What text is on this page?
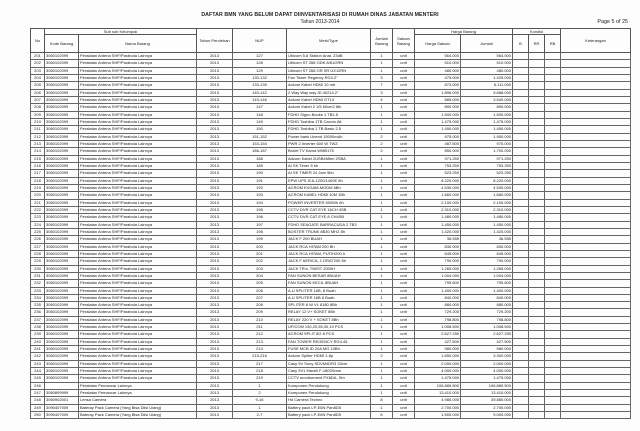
DAFTAR BMN YANG BELUM DAPAT DIINVENTARISASI DI RUMAH DINAS JABATAN MENTERI
Tahun 2013-2014	Page 5 of 25
No	Sub sub Kelompok		Tahun Perolehan	NUP	Merk/Type	Jumlah Barang	Satuan Barang	Harga Barang		Kondisi			Keterangan
	Kode Barang	Nama Barang						Harga Satuan	Jumlah	B	RR	RB	

201	3060102099	Peralatan Antena SHF/Parabola Lainnya	2013	127	Ubicom 5.8 Station Anat. 23dB	1	unit	564.000	564.000				
202	3060102099	Peralatan Antena SHF/Parabola Lainnya	2013	128	Ubicom ST 268 ODK 8/81/2RN	1	unit	510.000	510.000				
203	3060102099	Peralatan Antena SHF/Parabola Lainnya	2013	129	Ubicom ST 268 OR SR UX12RN	1	unit	480.000	480.000				
204	3060102099	Peralatan Antena SHF/Parabola Lainnya	2013	130-132	Fan Tower Regency RG4.2"	3	unit	475.000	1.425.000				
205	3060102099	Peralatan Antena SHF/Parabola Lainnya	2013	133-139	Ackom Kabel HDMI 10 mtr	7	unit	873.000	6.111.000				
206	3060102099	Peralatan Antena SHF/Parabola Lainnya	2013	140-142	2 Way Way way ID 40214.2"	3	unit	1.896.000	5.688.000				
207	3060102099	Peralatan Antena SHF/Parabola Lainnya	2013	143-146	Ackom Kabel HDMI GT14	4	unit	885.000	3.540.000				
208	3060102099	Peralatan Antena SHF/Parabola Lainnya	2013	147	Ackom Kabel 2 1/5 60cm2 8th	1	unit	890.000	890.000				
209	3060102099	Peralatan Antena SHF/Parabola Lainnya	2013	148	FDHD Signo Booke 1 TB1.5	1	unit	1.500.000	1.500.000				
210	3060102099	Peralatan Antena SHF/Parabola Lainnya	2013	149	FDHD Toshiba 1TB Canvio Alt	1	unit	1.475.000	1.475.000				
211	3060102099	Peralatan Antena SHF/Parabola Lainnya	2013	150	FDHD Toshiba 1 TB Basic 2.5	1	unit	1.450.000	1.450.000				
212	3060102099	Peralatan Antena SHF/Parabola Lainnya	2013	151-152	Power bank Unend 15000mAh	2	unit	975.000	1.950.000				
213	3060102099	Peralatan Antena SHF/Parabola Lainnya	2013	153-154	PWR 2 Inverter 600 W TWZ	2	unit	487.500	975.000				
214	3060102099	Peralatan Antena SHF/Parabola Lainnya	2013	186-187	Brolet TV Kama WMB175	2	unit	850.000	1.700.000				
215	3060102099	Peralatan Antena SHF/Parabola Lainnya	2013	188	Adcom Kabel 2USB4Mbm 2SBA	1	unit	971.250	971.250				
216	3060102099	Peralatan Antena SHF/Parabola Lainnya	2013	189	AI SK Timer 5 bh	1	unit	753.250	753.250				
217	3060102099	Peralatan Antena SHF/Parabola Lainnya	2013	190	AI SK TIMER 24 Jam 5bh	1	unit	523.250	523.250				
218	3060102099	Peralatan Antena SHF/Parabola Lainnya	2013	191	EPW UPS ICA-1200/1400E 8h	1	unit	8.220.000	8.220.000				
219	3060102099	Peralatan Antena SHF/Parabola Lainnya	2013	192	ACROM KVGAM-MODM 6Bh	1	unit	4.530.000	4.530.000				
220	3060102099	Peralatan Antena SHF/Parabola Lainnya	2013	193	ACROM KABEL HDMI 10M 1Bh	1	unit	1.660.000	1.660.000				
221	3060102099	Peralatan Antena SHF/Parabola Lainnya	2013	194	POWER INVERTER 500Wh 8h	1	unit	2.100.000	2.100.000				
222	3060102099	Peralatan Antena SHF/Parabola Lainnya	2013	195	CCTV DVR CAT EYE 16CH 4SB	1	unit	2.310.000	2.310.000				
223	3060102099	Peralatan Antena SHF/Parabola Lainnya	2013	196	CCTV DVR CAT EYE 8 CH4SB	1	unit	1.480.000	1.480.000				
224	3060102099	Peralatan Antena SHF/Parabola Lainnya	2013	197	FDHD SEAGATE BARRACUDA 2 TB3	1	unit	1.450.000	1.450.000				
225	3060102099	Peralatan Antena SHF/Parabola Lainnya	2013	198	BOSTER TRUNK 8B30 MHZ 8h	1	unit	1.420.000	1.420.000				
226	3060102099	Peralatan Antena SHF/Parabola Lainnya	2013	199	JACK F 200 BUAH	1	unit	36.555	36.555				
227	3060102099	Peralatan Antena SHF/Parabola Lainnya	2013	200	JACK RCA HITAM 200 Bh	1	unit	830.000	830.000				
228	3060102099	Peralatan Antena SHF/Parabola Lainnya	2013	201	JACK RCA HITAM, PUTIH200 h	1	unit	645.000	645.000				
229	3060102099	Peralatan Antena SHF/Parabola Lainnya	2013	202	JACK F AERICA, 1 DRAT200 8h	1	unit	790.000	790.000				
230	3060102099	Peralatan Antena SHF/Parabola Lainnya	2013	203	JACK TR'a, TWIST 2000H	1	unit	1.265.000	1.265.000				
231	3060102099	Peralatan Antena SHF/Parabola Lainnya	2013	204	FAN SUNON BESAR 8BUAH	1	unit	1.004.000	1.004.000				
232	3060102099	Peralatan Antena SHF/Parabola Lainnya	2013	205	FAN SUNON KECIL 8BUAH	1	unit	795.600	795.600				
233	3060102099	Peralatan Antena SHF/Parabola Lainnya	2013	206	A.U SPLITER 16B, 8 Buah	1	unit	1.400.000	1.400.000				
234	3060102099	Peralatan Antena SHF/Parabola Lainnya	2013	207	A.U SPLITER 16B 8 Buah	1	unit	840.000	840.000				
235	3060102099	Peralatan Antena SHF/Parabola Lainnya	2013	208	SPLITER 8 W VL 8180 8Bh	1	unit	880.000	880.000				
236	3060102099	Peralatan Antena SHF/Parabola Lainnya	2013	209	RELAY 12 V+ SOKET 8Bh	1	unit	729.200	729.200				
237	3060102099	Peralatan Antena SHF/Parabola Lainnya	2013	210	RELAY 220 V + SOKET 8Bh	1	unit	798.800	798.800				
238	3060102099	Peralatan Antena SHF/Parabola Lainnya	2013	211	UFICOM 130,20,55,30,10 PCS	1	unit	1.008.500	1.008.500				
239	3060102099	Peralatan Antena SHF/Parabola Lainnya	2013	212	ACROM SPLIT 8G 8 PCS	1	unit	2.627.250	2.627.250				
240	3060102099	Peralatan Antena SHF/Parabola Lainnya	2013	213	FAN TOWER REGENCY RG4.45	1	unit	427.500	427.500				
241	3060102099	Peralatan Antena SHF/Parabola Lainnya	2013	214	FUSE MCB ID 20A MG 10Bh	1	unit	980.000	980.000				
242	3060102099	Peralatan Antena SHF/Parabola Lainnya	2013	215-216	Ackom Spliter HDMI 1-8p	2	unit	1.650.000	3.300.000				
243	3060102099	Peralatan Antena SHF/Parabola Lainnya	2013	217	Casy 9V Sony SDVM4DR3 33cm	1	unit	2.000.000	2.000.000				
244	3060102099	Peralatan Antena SHF/Parabola Lainnya	2013	218	Casy 9V1 Maxell F-1800Smm	1	unit	4.000.000	4.000.000				
245	3060102099	Peralatan Antena SHF/Parabola Lainnya	2013	219	CCTV monitorment PX6DA, Sm	1	unit	1.475.000	1.475.000				
246		Peralatan Pemancar Lainnya	2013	1	Komponen Pendukung	1	unit	106.889.500	106.889.500				
247	3060899999	Peralatan Pemancar Lainnya	2013	2	Komponen Pendukung	1	unit	13.410.000	13.410.000				
248	3060902001	Lensa Camera	2013	9-16	Hd Camera Techno	8	unit	4.985.000	39.880.000				
249	3090407009	Bateray Pack Camera (Yang Bisa Diisi Ulang)	2013	1	Battery pack LP-E6N Pan8D5	1	unit	2.700.000	2.700.000				
250	3090407009	Bateray Pack Camera (Yang Bisa Diisi Ulang)	2013	2-7	Battery pack LP-E6N Pan8D5	6	unit	1.500.000	9.000.000				
